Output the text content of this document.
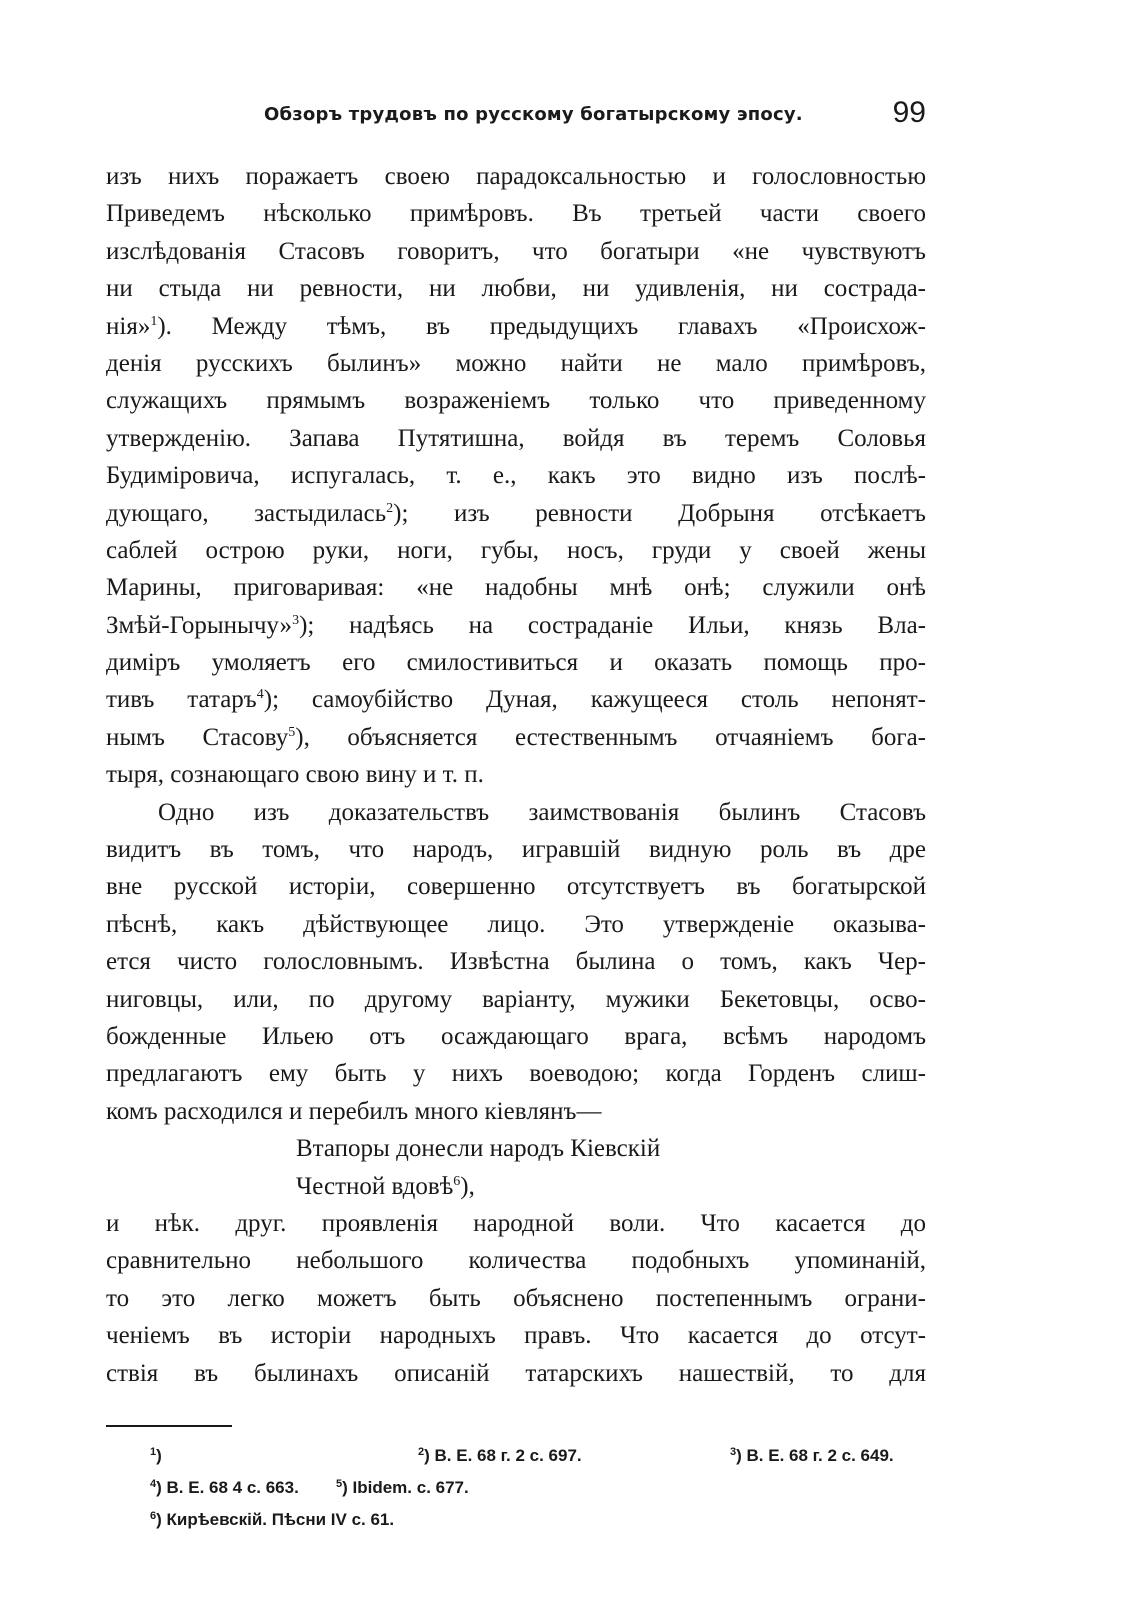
Обзоръ трудовъ по русскому богатырскому эпосу.	99
изъ нихъ поражаетъ своею парадоксальностью и голословностью
Приведемъ нѣсколько примѣровъ. Въ третьей части своего
изслѣдованія Стасовъ говоритъ, что богатыри «не чувствуютъ
ни стыда ни ревности, ни любви, ни удивленія, ни сострада-
нія»$^1$). Между тѣмъ, въ предыдущихъ главахъ «Происхож-
денія русскихъ былинъ» можно найти не мало примѣровъ,
служащихъ прямымъ возраженіемъ только что приведенному
утвержденію. Запава Путятишна, войдя въ теремъ Соловья
Будиміровича, испугалась, т. е., какъ это видно изъ послѣ-
дующаго, застыдилась$^2$); изъ ревности Добрыня отсѣкаетъ
саблей острою руки, ноги, губы, носъ, груди у своей жены
Марины, приговаривая: «не надобны мнѣ онѣ; служили онѣ
Змѣй-Горынычу»$^3$); надѣясь на состраданіе Ильи, князь Вла-
диміръ умоляетъ его смилостивиться и оказать помощь про-
тивъ татаръ$^4$); самоубійство Дуная, кажущееся столь непонят-
нымъ Стасову$^5$), объясняется естественнымъ отчаяніемъ бога-
тыря, сознающаго свою вину и т. п.
Одно изъ доказательствъ заимствованія былинъ Стасовъ
видитъ въ томъ, что народъ, игравшій видную роль въ дре
вне русской исторіи, совершенно отсутствуетъ въ богатырской
пѣснѣ, какъ дѣйствующее лицо. Это утвержденіе оказыва-
ется чисто голословнымъ. Извѣстна былина о томъ, какъ Чер-
ниговцы, или, по другому варіанту, мужики Бекетовцы, осво-
божденные Ильею отъ осаждающаго врага, всѣмъ народомъ
предлагаютъ ему быть у нихъ воеводою; когда Горденъ слиш-
комъ расходился и перебилъ много кіевлянъ—
Втапоры донесли народъ Кіевскій
Честной вдовѣ$^6$),
и нѣк. друг. проявленія народной воли. Что касается до
сравнительно небольшого количества подобныхъ упоминаній,
то это легко можетъ быть объяснено постепеннымъ ограни-
ченіемъ въ исторіи народныхъ правъ. Что касается до отсут-
ствія въ былинахъ описаній татарскихъ нашествій, то для
$^1$)	$^2$) В. Е. 68 г. 2 с. 697.	$^3$) В. Е. 68 г. 2 с. 649.
$^4$) В. Е. 68 4 с. 663.	$^5$) Ibidem. с. 677.
$^6$) Кирѣевскій. Пѣсни IV с. 61.
